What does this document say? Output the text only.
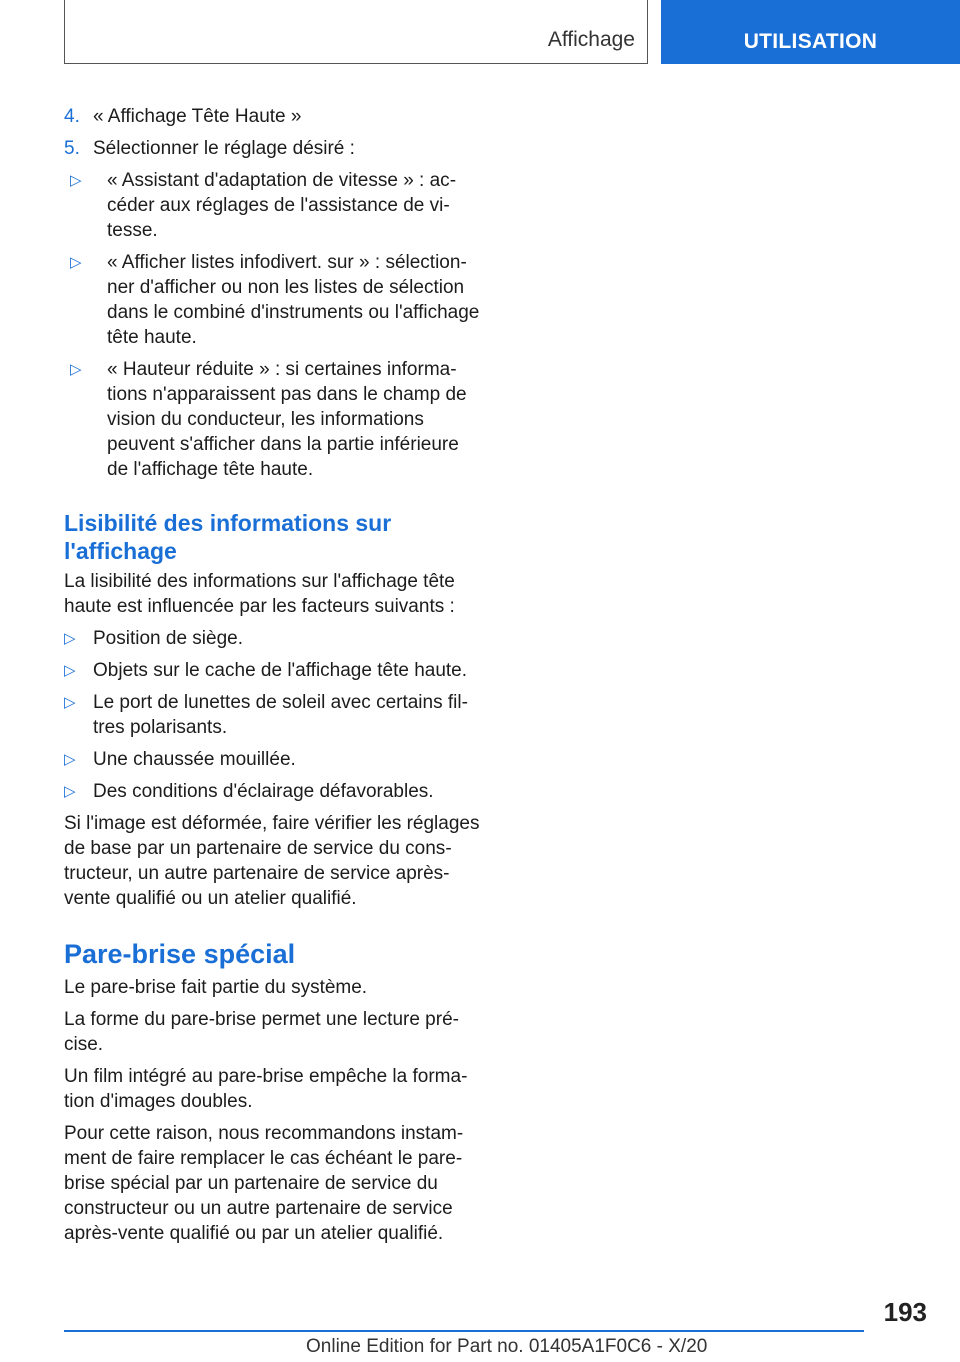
Affichage	UTILISATION
4. « Affichage Tête Haute »
5. Sélectionner le réglage désiré :
▷ « Assistant d'adaptation de vitesse » : accéder aux réglages de l'assistance de vitesse.
▷ « Afficher listes infodivert. sur » : sélectionner d'afficher ou non les listes de sélection dans le combiné d'instruments ou l'affichage tête haute.
▷ « Hauteur réduite » : si certaines informations n'apparaissent pas dans le champ de vision du conducteur, les informations peuvent s'afficher dans la partie inférieure de l'affichage tête haute.
Lisibilité des informations sur l'affichage

La lisibilité des informations sur l'affichage tête haute est influencée par les facteurs suivants :

▷ Position de siège.
▷ Objets sur le cache de l'affichage tête haute.
▷ Le port de lunettes de soleil avec certains filtres polarisants.
▷ Une chaussée mouillée.
▷ Des conditions d'éclairage défavorables.

Si l'image est déformée, faire vérifier les réglages de base par un partenaire de service du constructeur, un autre partenaire de service après-vente qualifié ou un atelier qualifié.

Pare-brise spécial

Le pare-brise fait partie du système.

La forme du pare-brise permet une lecture précise.

Un film intégré au pare-brise empêche la formation d'images doubles.

Pour cette raison, nous recommandons instamment de faire remplacer le cas échéant le pare-brise spécial par un partenaire de service du constructeur ou un autre partenaire de service après-vente qualifié ou par un atelier qualifié.

193
Online Edition for Part no. 01405A1F0C6 - X/20
